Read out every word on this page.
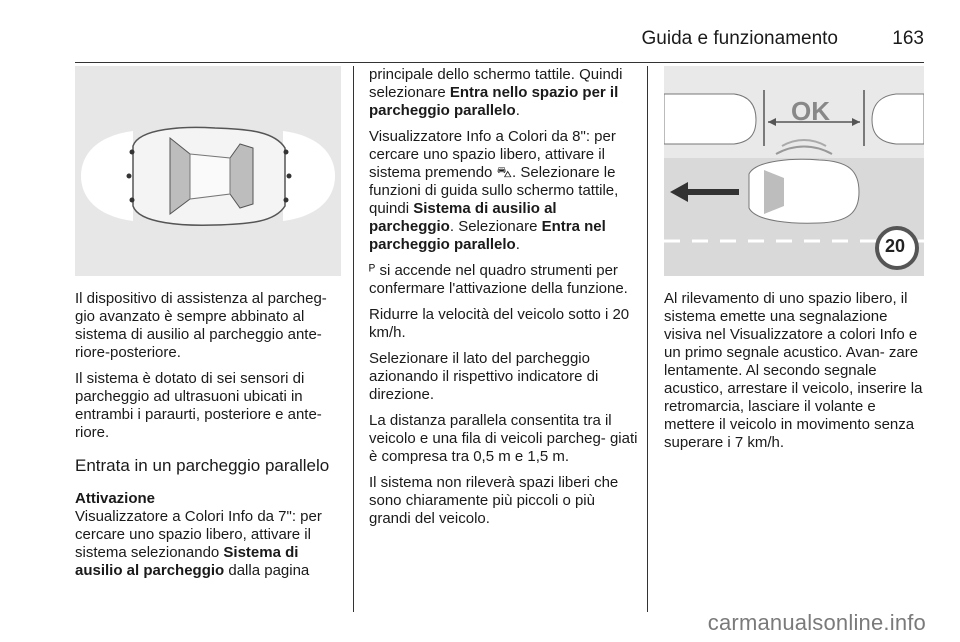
Guida e funzionamento	163
OK
20

Il dispositivo di assistenza al parcheg‐ gio avanzato è sempre abbinato al sistema di ausilio al parcheggio ante‐ riore-posteriore.

Il sistema è dotato di sei sensori di parcheggio ad ultrasuoni ubicati in entrambi i paraurti, posteriore e ante‐ riore.

Entrata in un parcheggio parallelo
Attivazione

Visualizzatore a Colori Info da 7": per cercare uno spazio libero, attivare il sistema selezionando Sistema di ausilio al parcheggio dalla pagina

principale dello schermo tattile. Quindi selezionare Entra nello spazio per il parcheggio parallelo.

Visualizzatore Info a Colori da 8": per cercare uno spazio libero, attivare il sistema premendo ⛍. Selezionare le funzioni di guida sullo schermo tattile, quindi Sistema di ausilio al parcheggio. Selezionare Entra nel parcheggio parallelo.

ᴾ si accende nel quadro strumenti per confermare l'attivazione della funzione.

Ridurre la velocità del veicolo sotto i 20 km/h.

Selezionare il lato del parcheggio azionando il rispettivo indicatore di direzione.

La distanza parallela consentita tra il veicolo e una fila di veicoli parcheg‐ giati è compresa tra 0,5 m e 1,5 m.

Il sistema non rileverà spazi liberi che sono chiaramente più piccoli o più grandi del veicolo.

Al rilevamento di uno spazio libero, il sistema emette una segnalazione visiva nel Visualizzatore a colori Info e un primo segnale acustico. Avan‐ zare lentamente. Al secondo segnale acustico, arrestare il veicolo, inserire la retromarcia, lasciare il volante e mettere il veicolo in movimento senza superare i 7 km/h.

carmanualsonline.info
